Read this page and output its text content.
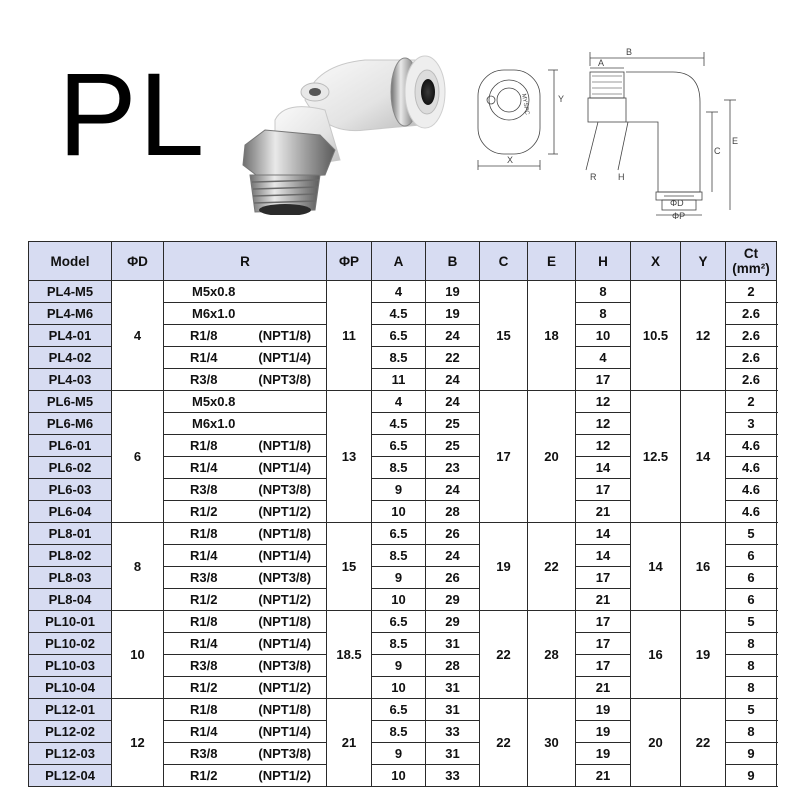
PL	MYSPC
X
Y
B
A
C
E
R H
ΦD
ΦP
Model	ΦD	R		ΦP	A	B	C	E	H	X	Y	Ct
(mm²)
PL4-M5	4	M5x0.8		11	4	19	15	18	8	10.5	12	2
PL4-M6		M6x1.0			4.5	19			8			2.6
PL4-01		R1/8	(NPT1/8)		6.5	24			10			2.6
PL4-02		R1/4	(NPT1/4)		8.5	22			4			2.6
PL4-03		R3/8	(NPT3/8)		11	24			17			2.6
PL6-M5	6	M5x0.8		13	4	24	17	20	12	12.5	14	2
PL6-M6		M6x1.0			4.5	25			12			3
PL6-01		R1/8	(NPT1/8)		6.5	25			12			4.6
PL6-02		R1/4	(NPT1/4)		8.5	23			14			4.6
PL6-03		R3/8	(NPT3/8)		9	24			17			4.6
PL6-04		R1/2	(NPT1/2)		10	28			21			4.6
PL8-01	8	R1/8	(NPT1/8)	15	6.5	26	19	22	14	14	16	5
PL8-02		R1/4	(NPT1/4)		8.5	24			14			6
PL8-03		R3/8	(NPT3/8)		9	26			17			6
PL8-04		R1/2	(NPT1/2)		10	29			21			6
PL10-01	10	R1/8	(NPT1/8)	18.5	6.5	29	22	28	17	16	19	5
PL10-02		R1/4	(NPT1/4)		8.5	31			17			8
PL10-03		R3/8	(NPT3/8)		9	28			17			8
PL10-04		R1/2	(NPT1/2)		10	31			21			8
PL12-01	12	R1/8	(NPT1/8)	21	6.5	31	22	30	19	20	22	5
PL12-02		R1/4	(NPT1/4)		8.5	33			19			8
PL12-03		R3/8	(NPT3/8)		9	31			19			9
PL12-04		R1/2	(NPT1/2)		10	33			21			9
